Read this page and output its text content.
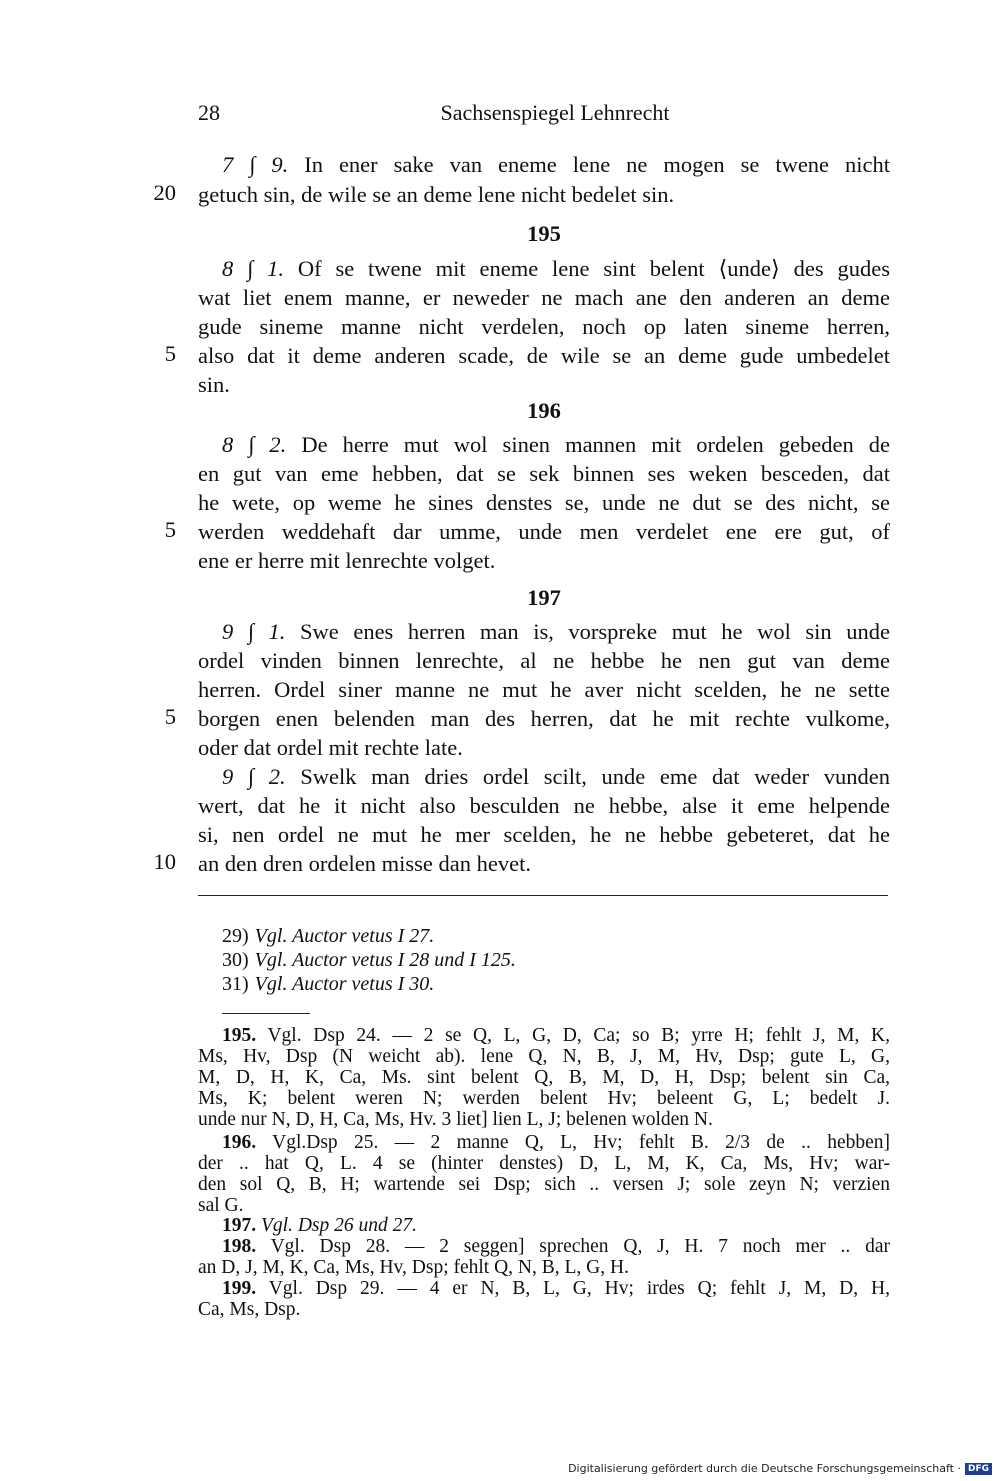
28	Sachsenspiegel Lehnrecht
7 ∫ 9. In ener sake van eneme lene ne mogen se twene nicht
20 getuch sin, de wile se an deme lene nicht bedelet sin.
195
8 ∫ 1. Of se twene mit eneme lene sint belent ⟨unde⟩ des gudes
wat liet enem manne, er neweder ne mach ane den anderen an deme
gude sineme manne nicht verdelen, noch op laten sineme herren,
5 also dat it deme anderen scade, de wile se an deme gude umbedelet
sin.
196
8 ∫ 2. De herre mut wol sinen mannen mit ordelen gebeden de
en gut van eme hebben, dat se sek binnen ses weken besceden, dat
he wete, op weme he sines denstes se, unde ne dut se des nicht, se
5 werden weddehaft dar umme, unde men verdelet ene ere gut, of
ene er herre mit lenrechte volget.
197
9 ∫ 1. Swe enes herren man is, vorspreke mut he wol sin unde
ordel vinden binnen lenrechte, al ne hebbe he nen gut van deme
herren. Ordel siner manne ne mut he aver nicht scelden, he ne sette
5 borgen enen belenden man des herren, dat he mit rechte vulkome,
oder dat ordel mit rechte late.
9 ∫ 2. Swelk man dries ordel scilt, unde eme dat weder vunden
wert, dat he it nicht also besculden ne hebbe, alse it eme helpende
si, nen ordel ne mut he mer scelden, he ne hebbe gebeteret, dat he
10 an den dren ordelen misse dan hevet.
29) Vgl. Auctor vetus I 27.
30) Vgl. Auctor vetus I 28 und I 125.
31) Vgl. Auctor vetus I 30.
195. Vgl. Dsp 24. — 2 se Q, L, G, D, Ca; so B; yrre H; fehlt J, M, K,
Ms, Hv, Dsp (N weicht ab). lene Q, N, B, J, M, Hv, Dsp; gute L, G,
M, D, H, K, Ca, Ms. sint belent Q, B, M, D, H, Dsp; belent sin Ca,
Ms, K; belent weren N; werden belent Hv; beleent G, L; bedelt J.
unde nur N, D, H, Ca, Ms, Hv. 3 liet] lien L, J; belenen wolden N.
196. Vgl.Dsp 25. — 2 manne Q, L, Hv; fehlt B. 2/3 de .. hebben]
der .. hat Q, L. 4 se (hinter denstes) D, L, M, K, Ca, Ms, Hv; war-
den sol Q, B, H; wartende sei Dsp; sich .. versen J; sole zeyn N; verzien
sal G.
197. Vgl. Dsp 26 und 27.
198. Vgl. Dsp 28. — 2 seggen] sprechen Q, J, H. 7 noch mer .. dar
an D, J, M, K, Ca, Ms, Hv, Dsp; fehlt Q, N, B, L, G, H.
199. Vgl. Dsp 29. — 4 er N, B, L, G, Hv; irdes Q; fehlt J, M, D, H,
Ca, Ms, Dsp.
Digitalisierung gefördert durch die Deutsche Forschungsgemeinschaft · DFG
